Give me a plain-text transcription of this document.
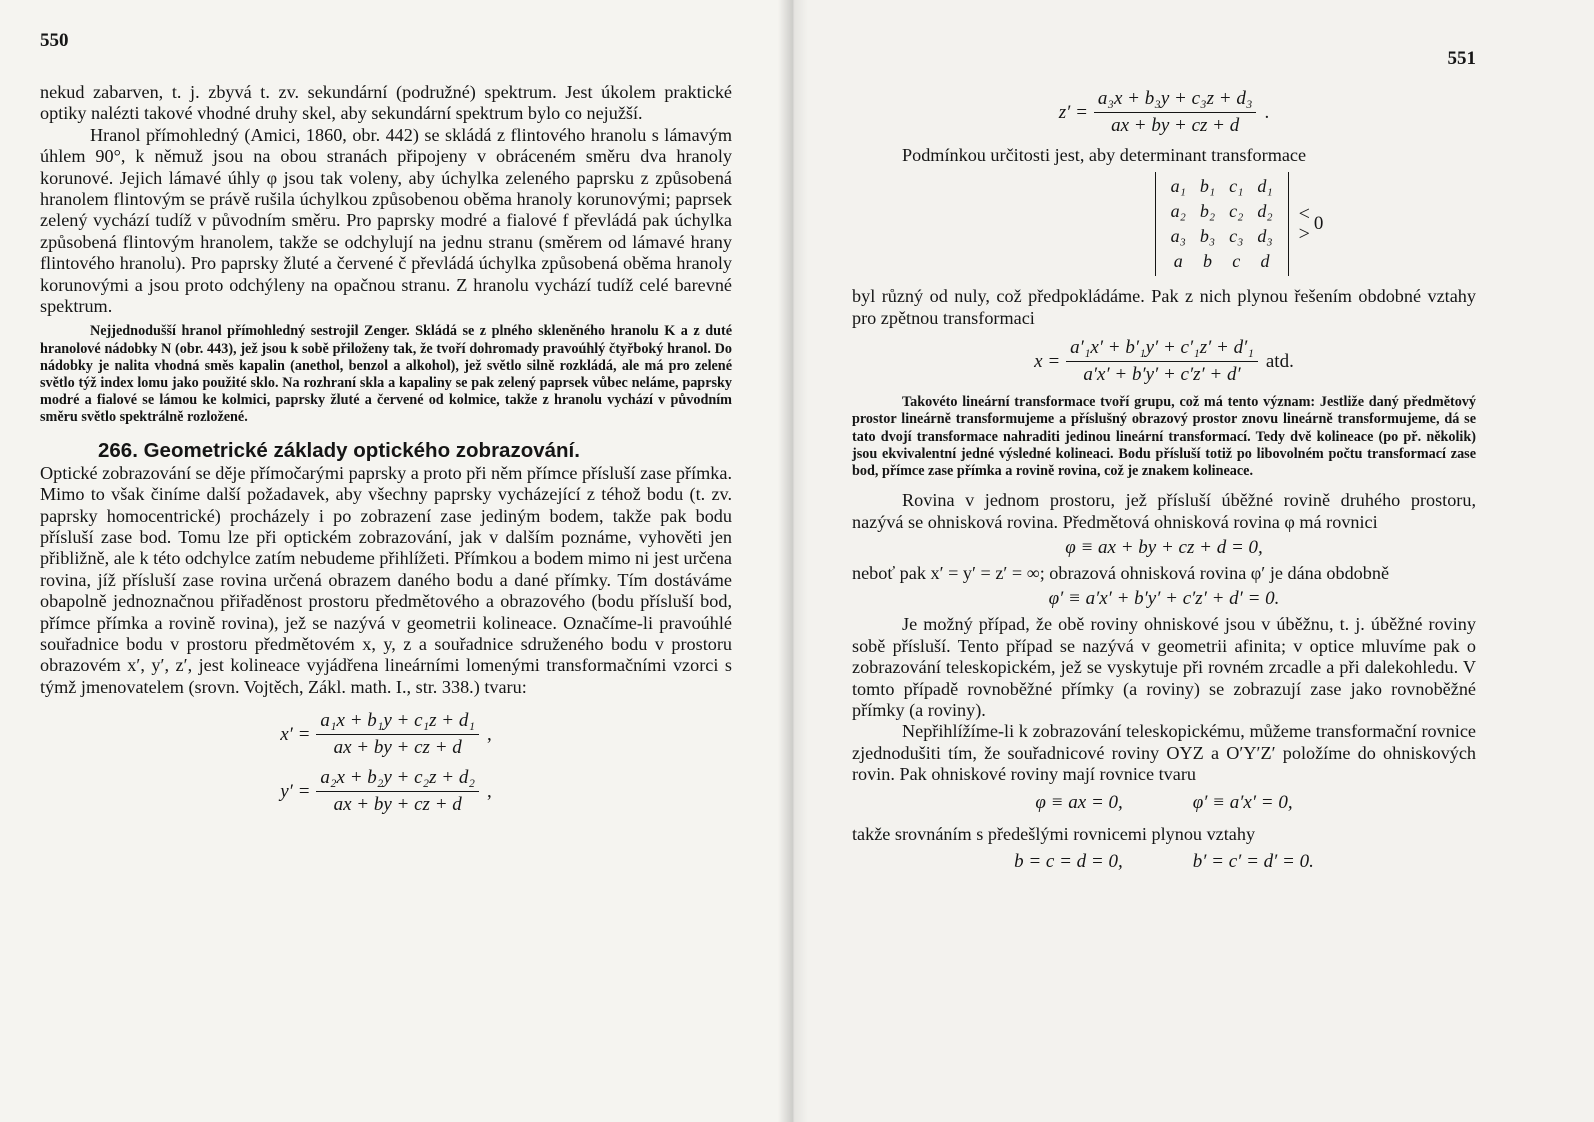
550

nekud zabarven, t. j. zbyvá t. zv. sekundární (podružné) spektrum. Jest úkolem praktické optiky nalézti takové vhodné druhy skel, aby sekundární spektrum bylo co nejužší.

Hranol přímohledný (Amici, 1860, obr. 442) se skládá z flintového hranolu s lámavým úhlem 90°, k němuž jsou na obou stranách připojeny v obráceném směru dva hranoly korunové. Jejich lámavé úhly φ jsou tak voleny, aby úchylka zeleného paprsku z způsobená hranolem flintovým se právě rušila úchylkou způsobenou oběma hranoly korunovými; paprsek zelený vychází tudíž v původním směru. Pro paprsky modré a fialové f převládá pak úchylka způsobená flintovým hranolem, takže se odchylují na jednu stranu (směrem od lámavé hrany flintového hranolu). Pro paprsky žluté a červené č převládá úchylka způsobená oběma hranoly korunovými a jsou proto odchýleny na opačnou stranu. Z hranolu vychází tudíž celé barevné spektrum.

Nejjednodušší hranol přímohledný sestrojil Zenger. Skládá se z plného skleněného hranolu K a z duté hranolové nádobky N (obr. 443), jež jsou k sobě přiloženy tak, že tvoří dohromady pravoúhlý čtyřboký hranol. Do nádobky je nalita vhodná směs kapalin (anethol, benzol a alkohol), jež světlo silně rozkládá, ale má pro zelené světlo týž index lomu jako použité sklo. Na rozhraní skla a kapaliny se pak zelený paprsek vůbec neláme, paprsky modré a fialové se lámou ke kolmici, paprsky žluté a červené od kolmice, takže z hranolu vychází v původním směru světlo spektrálně rozložené.

266. Geometrické základy optického zobrazování.

Optické zobrazování se děje přímočarými paprsky a proto při něm přímce přísluší zase přímka. Mimo to však činíme další požadavek, aby všechny paprsky vycházející z téhož bodu (t. zv. paprsky homocentrické) procházely i po zobrazení zase jediným bodem, takže pak bodu přísluší zase bod. Tomu lze při optickém zobrazování, jak v dalším poznáme, vyhověti jen přibližně, ale k této odchylce zatím nebudeme přihlížeti. Přímkou a bodem mimo ni jest určena rovina, jíž přísluší zase rovina určená obrazem daného bodu a dané přímky. Tím dostáváme obapolně jednoznačnou přiřaděnost prostoru předmětového a obrazového (bodu přísluší bod, přímce přímka a rovině rovina), jež se nazývá v geometrii kolineace. Označíme-li pravoúhlé souřadnice bodu v prostoru předmětovém x, y, z a souřadnice sdruženého bodu v prostoru obrazovém x′, y′, z′, jest kolineace vyjádřena lineárními lomenými transformačními vzorci s týmž jmenovatelem (srovn. Vojtěch, Zákl. math. I., str. 338.) tvaru:

$x' = \frac{\text{a₁x + b₁y + c₁z + d₁}}{ax + by + cz + d}$ ,
$y' = \frac{\text{a₂x + b₂y + c₂z + d₂}}{ax + by + cz + d}$ ,

551

$z' = \frac{\text{a₃x + b₃y + c₃z + d₃}}{ax + by + cz + d}$ .

Podmínkou určitosti jest, aby determinant transformace

a₁	b₁	c₁	d₁
a₂	b₂	c₂	d₂
a₃	b₃	c₃	d₃
a	b	c	d
<
> 0

byl různý od nuly, což předpokládáme. Pak z nich plynou řešením obdobné vztahy pro zpětnou transformaci

$x = \frac{\text{a′₁x′ + b′₁y′ + c′₁z′ + d′₁}}{a'x' + b'y' + c'z' + d'}$ atd.

Takovéto lineární transformace tvoří grupu, což má tento význam: Jestliže daný předmětový prostor lineárně transformujeme a příslušný obrazový prostor znovu lineárně transformujeme, dá se tato dvojí transformace nahraditi jedinou lineární transformací. Tedy dvě kolineace (po př. několik) jsou ekvivalentní jedné výsledné kolineaci. Bodu přísluší totiž po libovolném počtu transformací zase bod, přímce zase přímka a rovině rovina, což je znakem kolineace.

Rovina v jednom prostoru, jež přísluší úběžné rovině druhého prostoru, nazývá se ohnisková rovina. Předmětová ohnisková rovina φ má rovnici

φ ≡ ax + by + cz + d = 0,

neboť pak x′ = y′ = z′ = ∞; obrazová ohnisková rovina φ′ je dána obdobně

φ′ ≡ a′x′ + b′y′ + c′z′ + d′ = 0.

Je možný případ, že obě roviny ohniskové jsou v úběžnu, t. j. úběžné roviny sobě přísluší. Tento případ se nazývá v geometrii afinita; v optice mluvíme pak o zobrazování teleskopickém, jež se vyskytuje při rovném zrcadle a při dalekohledu. V tomto případě rovnoběžné přímky (a roviny) se zobrazují zase jako rovnoběžné přímky (a roviny).

Nepřihlížíme-li k zobrazování teleskopickému, můžeme transformační rovnice zjednodušiti tím, že souřadnicové roviny OYZ a O′Y′Z′ položíme do ohniskových rovin. Pak ohniskové roviny mají rovnice tvaru

φ ≡ ax = 0,	φ′ ≡ a′x′ = 0,

takže srovnáním s předešlými rovnicemi plynou vztahy

b = c = d = 0,	b′ = c′ = d′ = 0.
